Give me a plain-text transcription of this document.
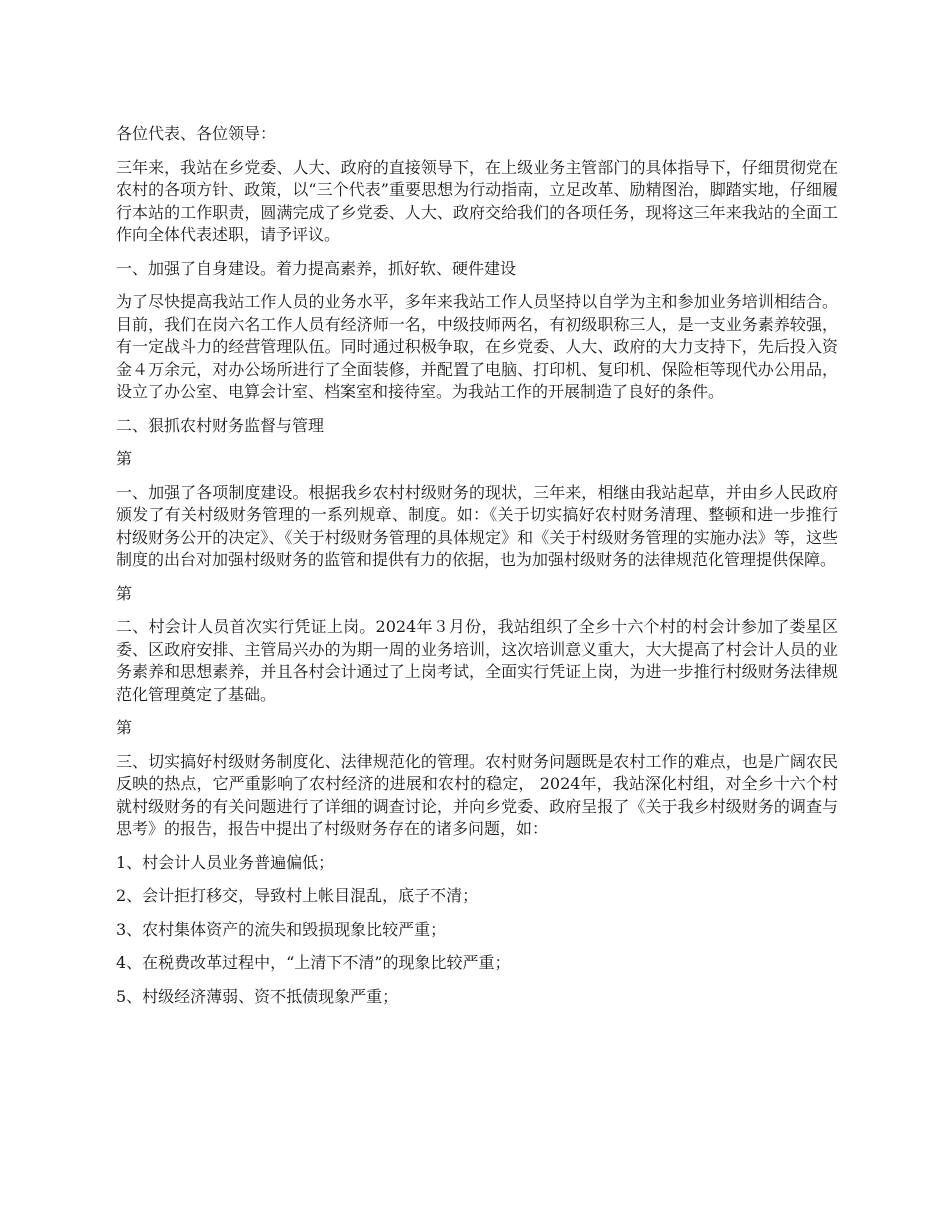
各位代表、各位领导：

三年来，我站在乡党委、人大、政府的直接领导下，在上级业务主管部门的具体指导下，仔细贯彻党在农村的各项方针、政策，以“三个代表”重要思想为行动指南，立足改革、励精图治，脚踏实地，仔细履行本站的工作职责，圆满完成了乡党委、人大、政府交给我们的各项任务，现将这三年来我站的全面工作向全体代表述职，请予评议。

一、加强了自身建设。着力提高素养，抓好软、硬件建设

为了尽快提高我站工作人员的业务水平，多年来我站工作人员坚持以自学为主和参加业务培训相结合。目前，我们在岗六名工作人员有经济师一名，中级技师两名，有初级职称三人，是一支业务素养较强，有一定战斗力的经营管理队伍。同时通过积极争取，在乡党委、人大、政府的大力支持下，先后投入资金４万余元，对办公场所进行了全面装修，并配置了电脑、打印机、复印机、保险柜等现代办公用品，设立了办公室、电算会计室、档案室和接待室。为我站工作的开展制造了良好的条件。

二、狠抓农村财务监督与管理

第

一、加强了各项制度建设。根据我乡农村村级财务的现状，三年来，相继由我站起草，并由乡人民政府颁发了有关村级财务管理的一系列规章、制度。如：《关于切实搞好农村财务清理、整顿和进一步推行村级财务公开的决定》、《关于村级财务管理的具体规定》和《关于村级财务管理的实施办法》等，这些制度的出台对加强村级财务的监管和提供有力的依据，也为加强村级财务的法律规范化管理提供保障。

第

二、村会计人员首次实行凭证上岗。2024年３月份，我站组织了全乡十六个村的村会计参加了娄星区委、区政府安排、主管局兴办的为期一周的业务培训，这次培训意义重大，大大提高了村会计人员的业务素养和思想素养，并且各村会计通过了上岗考试，全面实行凭证上岗，为进一步推行村级财务法律规范化管理奠定了基础。

第

三、切实搞好村级财务制度化、法律规范化的管理。农村财务问题既是农村工作的难点，也是广阔农民反映的热点，它严重影响了农村经济的进展和农村的稳定， 2024年，我站深化村组，对全乡十六个村就村级财务的有关问题进行了详细的调查讨论，并向乡党委、政府呈报了《关于我乡村级财务的调查与思考》的报告，报告中提出了村级财务存在的诸多问题，如：

1、村会计人员业务普遍偏低；

2、会计拒打移交，导致村上帐目混乱，底子不清；

3、农村集体资产的流失和毁损现象比较严重；

4、在税费改革过程中，“上清下不清”的现象比较严重；

5、村级经济薄弱、资不抵债现象严重；
